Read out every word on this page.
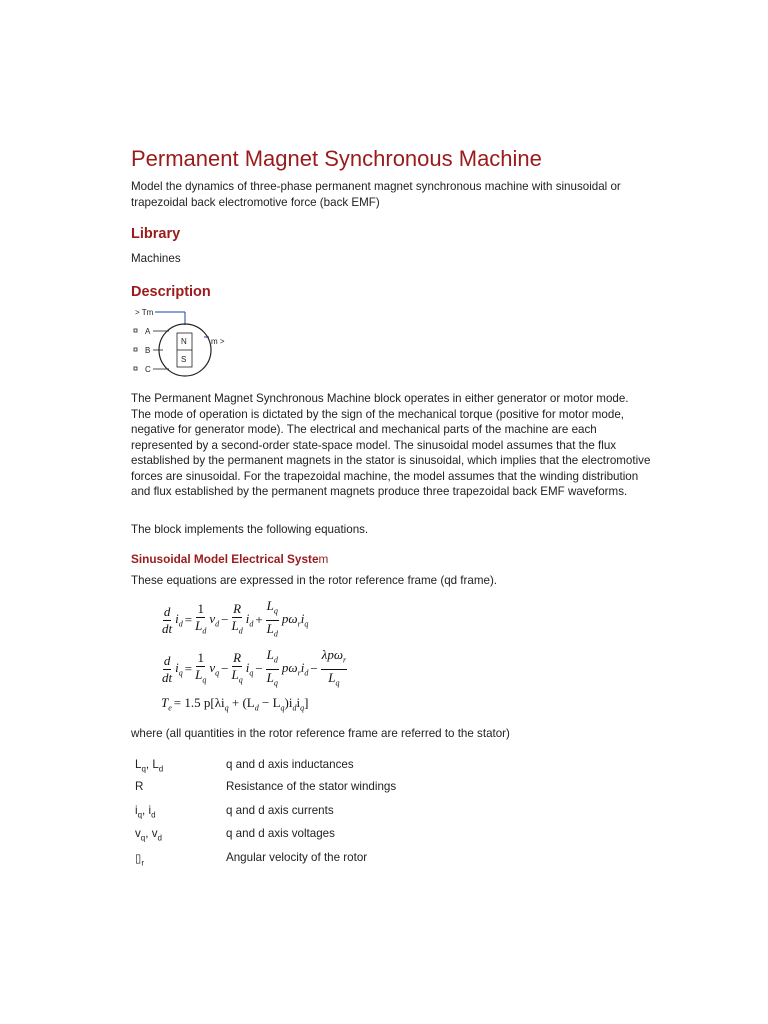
Permanent Magnet Synchronous Machine
Model the dynamics of three-phase permanent magnet synchronous machine with sinusoidal or trapezoidal back electromotive force (back EMF)
Library
Machines
Description
> Tm
A
B
C
m >
N
S
The Permanent Magnet Synchronous Machine block operates in either generator or motor mode. The mode of operation is dictated by the sign of the mechanical torque (positive for motor mode, negative for generator mode). The electrical and mechanical parts of the machine are each represented by a second-order state-space model. The sinusoidal model assumes that the flux established by the permanent magnets in the stator is sinusoidal, which implies that the electromotive forces are sinusoidal. For the trapezoidal machine, the model assumes that the winding distribution and flux established by the permanent magnets produce three trapezoidal back EMF waveforms.
The block implements the following equations.
Sinusoidal Model Electrical System
These equations are expressed in the rotor reference frame (qd frame).
$\frac{d}{dt} i_d = \frac{1}{L_d} v_d - \frac{R}{L_d} i_d + \frac{L_q}{L_d} p\omega_ri_q$
$\frac{d}{dt} i_q = \frac{1}{L_q} v_q - \frac{R}{L_q} i_q - \frac{L_d}{L_q} p\omega_ri_d - \frac{\lambda p\omega_r}{L_q}$
$T_e = 1.5$ $p[\lambda i_q + (L_d - L_q)i_di_q]$
where (all quantities in the rotor reference frame are referred to the stator)
$L_q$, $L_d$	q and d axis inductances
R	Resistance of the stator windings
$i_q$, $i_d$	q and d axis currents
$v_q$, $v_d$	q and d axis voltages
$▯_r$	Angular velocity of the rotor
